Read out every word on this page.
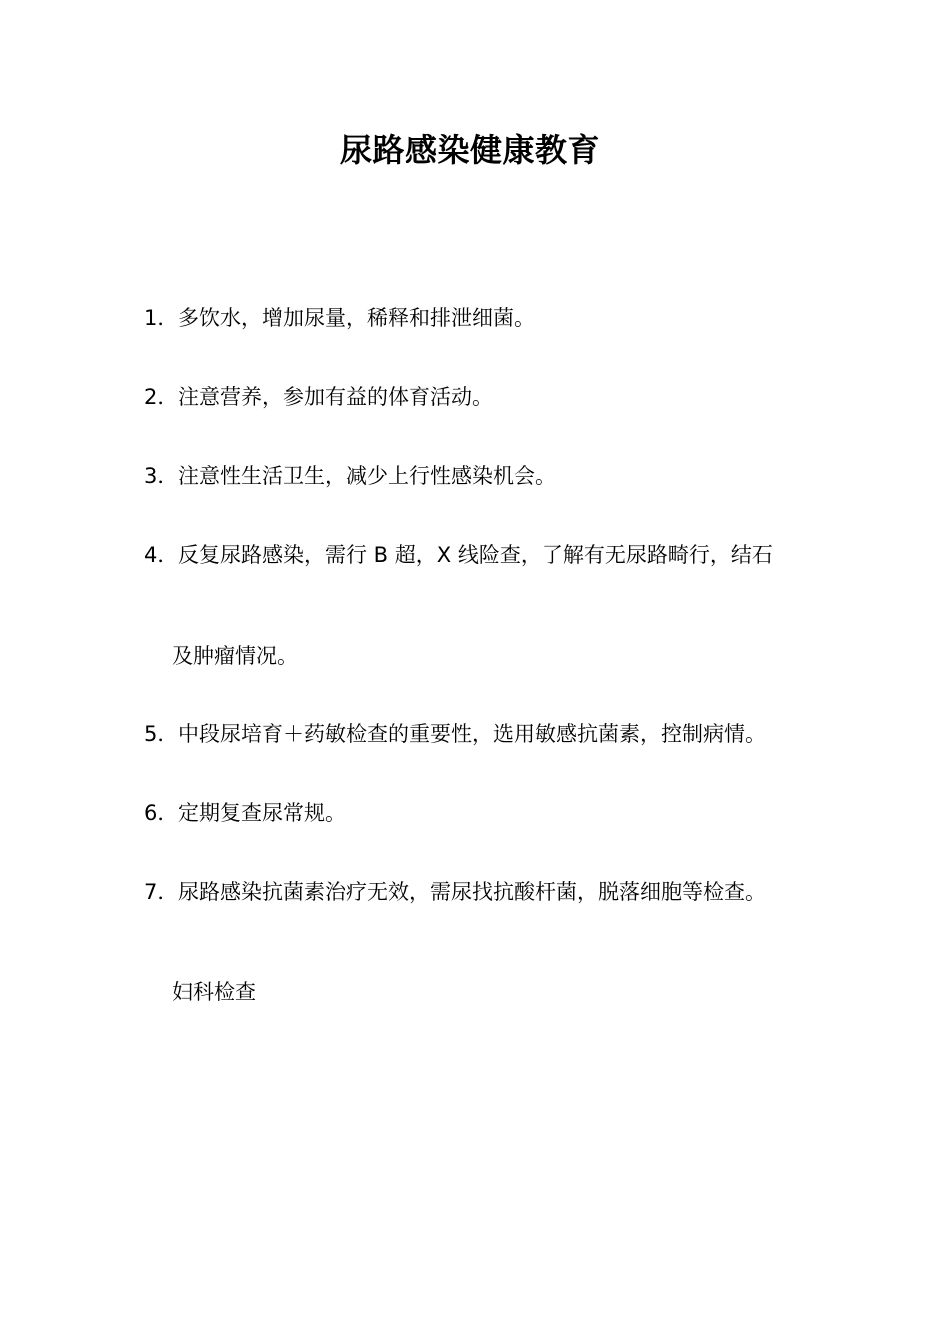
尿路感染健康教育
1．多饮水，增加尿量，稀释和排泄细菌。
2．注意营养，参加有益的体育活动。
3．注意性生活卫生，减少上行性感染机会。
4．反复尿路感染，需行 B 超，X 线险查，了解有无尿路畸行，结石
及肿瘤情况。
5．中段尿培育＋药敏检查的重要性，选用敏感抗菌素，控制病情。
6．定期复查尿常规。
7．尿路感染抗菌素治疗无效，需尿找抗酸杆菌，脱落细胞等检查。
妇科检查
